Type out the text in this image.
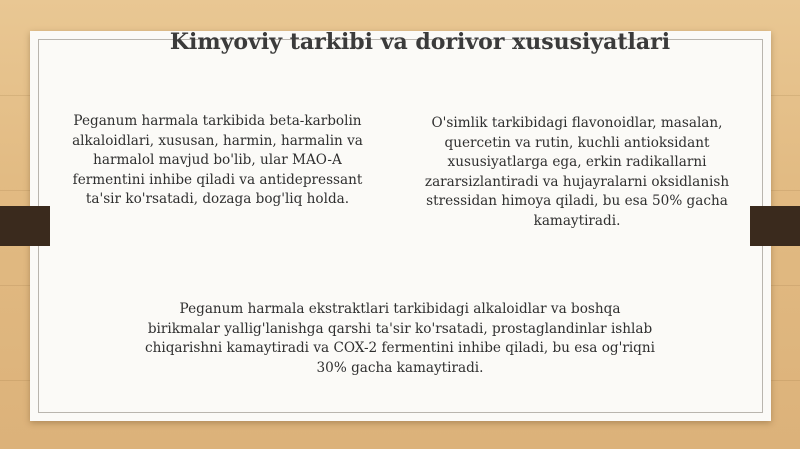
Kimyoviy tarkibi va dorivor xususiyatlari
Peganum harmala tarkibida beta-karbolin alkaloidlari, xususan, harmin, harmalin va harmalol mavjud bo'lib, ular MAO-A fermentini inhibe qiladi va antidepressant ta'sir ko'rsatadi, dozaga bog'liq holda.
O'simlik tarkibidagi flavonoidlar, masalan, quercetin va rutin, kuchli antioksidant xususiyatlarga ega, erkin radikallarni zararsizlantiradi va hujayralarni oksidlanish stressidan himoya qiladi, bu esa 50% gacha kamaytiradi.
Peganum harmala ekstraktlari tarkibidagi alkaloidlar va boshqa birikmalar yallig'lanishga qarshi ta'sir ko'rsatadi, prostaglandinlar ishlab chiqarishni kamaytiradi va COX-2 fermentini inhibe qiladi, bu esa og'riqni 30% gacha kamaytiradi.
